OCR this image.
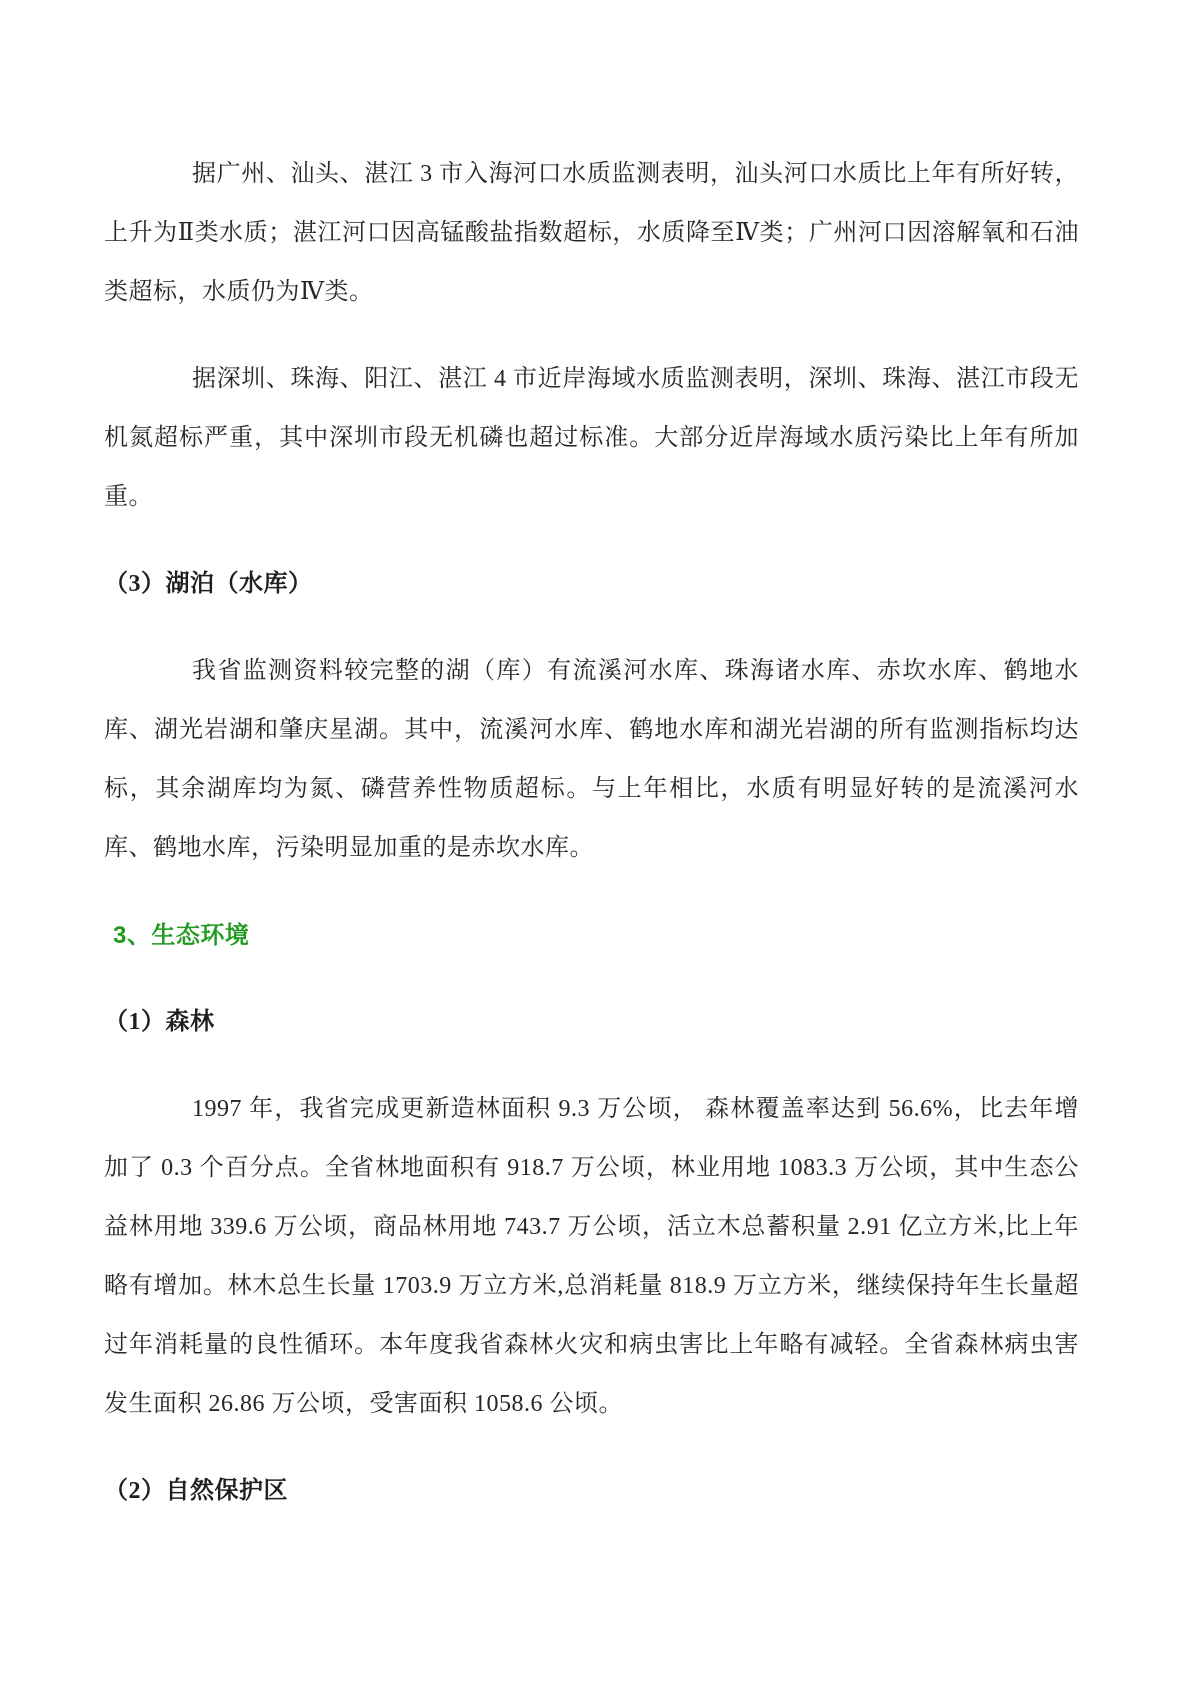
据广州、汕头、湛江 3 市入海河口水质监测表明，汕头河口水质比上年有所好转，上升为Ⅱ类水质；湛江河口因高锰酸盐指数超标，水质降至Ⅳ类；广州河口因溶解氧和石油类超标，水质仍为Ⅳ类。

据深圳、珠海、阳江、湛江 4 市近岸海域水质监测表明，深圳、珠海、湛江市段无机氮超标严重，其中深圳市段无机磷也超过标准。大部分近岸海域水质污染比上年有所加重。

（3）湖泊（水库）

我省监测资料较完整的湖（库）有流溪河水库、珠海诸水库、赤坎水库、鹤地水库、湖光岩湖和肇庆星湖。其中，流溪河水库、鹤地水库和湖光岩湖的所有监测指标均达标，其余湖库均为氮、磷营养性物质超标。与上年相比，水质有明显好转的是流溪河水库、鹤地水库，污染明显加重的是赤坎水库。

3、生态环境
（1）森林

1997 年，我省完成更新造林面积 9.3 万公顷， 森林覆盖率达到 56.6%，比去年增加了 0.3 个百分点。全省林地面积有 918.7 万公顷，林业用地 1083.3 万公顷，其中生态公益林用地 339.6 万公顷，商品林用地 743.7 万公顷，活立木总蓄积量 2.91 亿立方米,比上年略有增加。林木总生长量 1703.9 万立方米,总消耗量 818.9 万立方米，继续保持年生长量超过年消耗量的良性循环。本年度我省森林火灾和病虫害比上年略有减轻。全省森林病虫害发生面积 26.86 万公顷，受害面积 1058.6 公顷。

（2）自然保护区
